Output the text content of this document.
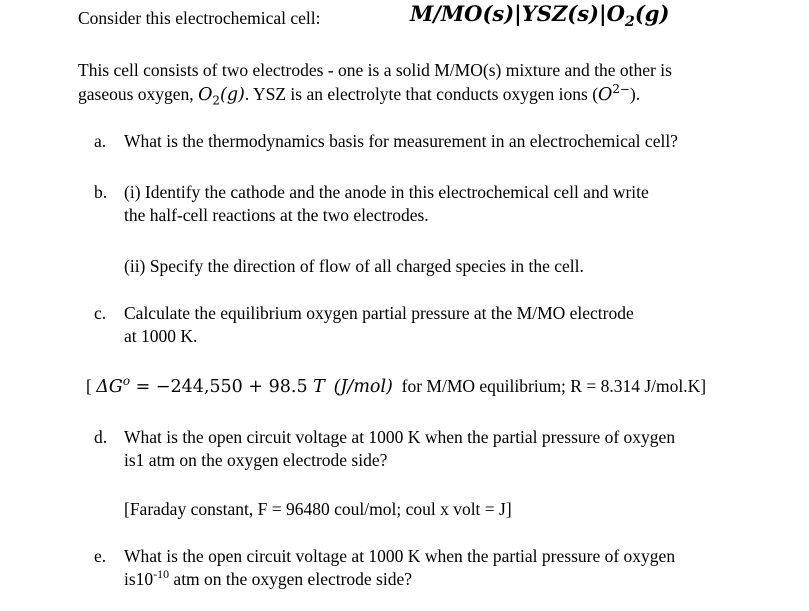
Consider this electrochemical cell:	$M/MO(s)|YSZ(s)|O_2(g)$
This cell consists of two electrodes - one is a solid M/MO(s) mixture and the other is
gaseous oxygen, $O_2(g)$. YSZ is an electrolyte that conducts oxygen ions $(O^{2-})$.
a. What is the thermodynamics basis for measurement in an electrochemical cell?
b. (i) Identify the cathode and the anode in this electrochemical cell and write
the half-cell reactions at the two electrodes.
(ii) Specify the direction of flow of all charged species in the cell.
c. Calculate the equilibrium oxygen partial pressure at the M/MO electrode
at 1000 K.
[ $\Delta G^o = -244,550 + 98.5$ T (J/mol) for M/MO equilibrium; R = 8.314 J/mol.K]
d. What is the open circuit voltage at 1000 K when the partial pressure of oxygen
is1 atm on the oxygen electrode side?
[Faraday constant, F = 96480 coul/mol; coul x volt = J]
e. What is the open circuit voltage at 1000 K when the partial pressure of oxygen
$is10^{-10}$ atm on the oxygen electrode side?
